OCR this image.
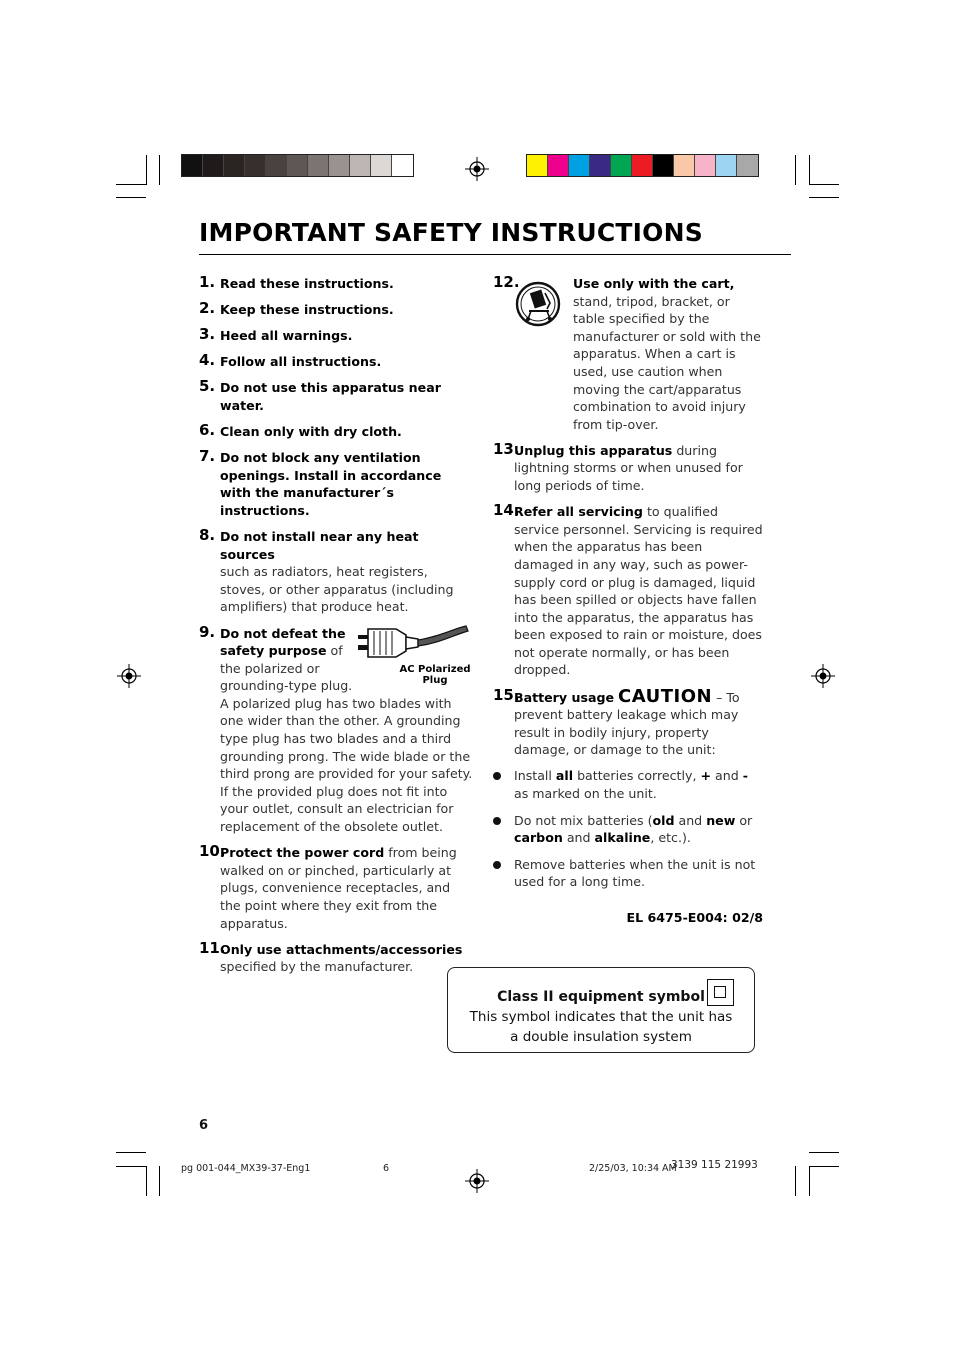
IMPORTANT SAFETY INSTRUCTIONS
1. Read these instructions.
2. Keep these instructions.
3. Heed all warnings.
4. Follow all instructions.
5. Do not use this apparatus near water.
6. Clean only with dry cloth.
7. Do not block any ventilation openings. Install in accordance with the manufacturer´s instructions.
8. Do not install near any heat sources
such as radiators, heat registers, stoves, or other apparatus (including amplifiers) that produce heat.
9. Do not defeat the safety purpose of the polarized or grounding-type plug.
AC Polarized Plug
A polarized plug has two blades with one wider than the other. A grounding type plug has two blades and a third grounding prong. The wide blade or the third prong are provided for your safety. If the provided plug does not fit into your outlet, consult an electrician for replacement of the obsolete outlet.
10.
Protect the power cord from being walked on or pinched, particularly at plugs, convenience receptacles, and the point where they exit from the apparatus.
11.
Only use attachments/accessories specified by the manufacturer.
12.	Use only with the cart, stand, tripod, bracket, or table specified by the manufacturer or sold with the apparatus. When a cart is used, use caution when moving the cart/apparatus combination to avoid injury from tip-over.
13.
Unplug this apparatus during lightning storms or when unused for long periods of time.
14.
Refer all servicing to qualified service personnel. Servicing is required when the apparatus has been damaged in any way, such as power-supply cord or plug is damaged, liquid has been spilled or objects have fallen into the apparatus, the apparatus has been exposed to rain or moisture, does not operate normally, or has been dropped.
15.
Battery usage CAUTION – To prevent battery leakage which may result in bodily injury, property damage, or damage to the unit:
Install all batteries correctly, + and - as marked on the unit.
Do not mix batteries (old and new or carbon and alkaline, etc.).
Remove batteries when the unit is not used for a long time.
EL 6475-E004: 02/8
Class II equipment symbol
This symbol indicates that the unit has
a double insulation system
6
pg 001-044_MX39-37-Eng1	6	2/25/03, 10:34 AM
3139 115 21993
